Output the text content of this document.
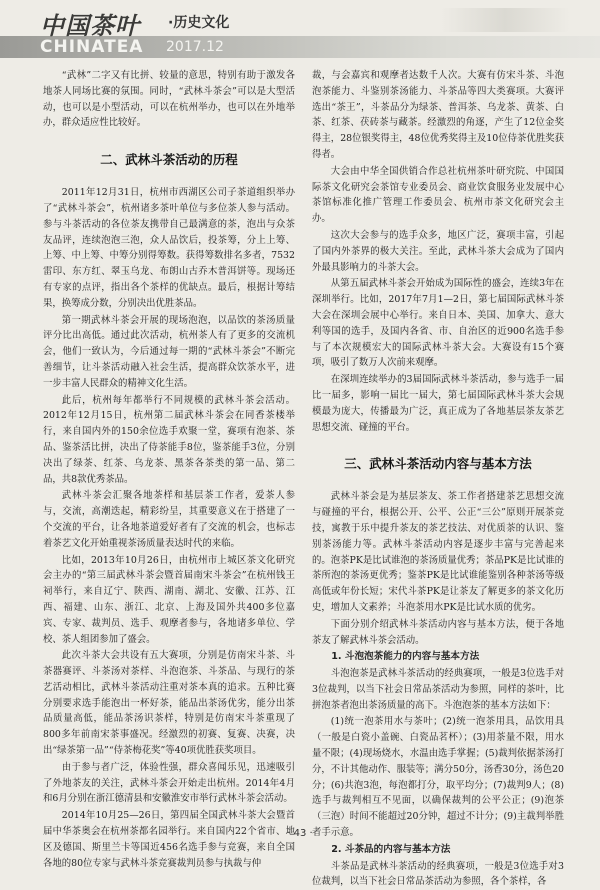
中国茶叶 ·历史文化
CHINATEA 2017.12

“武林”二字又有比拼、较量的意思，特别有助于激发各地茶人同场比赛的氛围。同时，“武林斗茶会”可以是大型活动，也可以是小型活动，可以在杭州举办，也可以在外地举办，群众适应性比较好。

二、武林斗茶活动的历程

2011年12月31日，杭州市西湖区公司子茶道组织举办了“武林斗茶会”，杭州诸多茶叶单位与多位茶人参与活动。参与斗茶活动的各位茶友携带自己最满意的茶，泡出与众茶友品评，连续泡泡三泡，众人品饮后，投茶筹，分上上筹、上筹、中上筹、中筹分别得筹数。获得筹数排名多者，7532雷印、东方红、翠玉乌龙、布朗山古乔木普洱饼等。现场还有专家的点评，指出各个茶样的优缺点。最后，根据计筹结果，换筹成分数，分别决出优胜茶品。

第一期武林斗茶会开展的现场泡泡，以品饮的茶汤质量评分比出高低。通过此次活动，杭州茶人有了更多的交流机会，他们一致认为，今后通过每一期的“武林斗茶会”不断完善细节，让斗茶活动融入社会生活，提高群众饮茶水平，进一步丰富人民群众的精神文化生活。

此后，杭州每年都举行不同规模的武林斗茶会活动。2012年12月15日，杭州第二届武林斗茶会在同香茶楼举行，来自国内外的150余位选手欢聚一堂，赛项有泡茶、茶品、鉴茶活比拼，决出了侍茶能手8位，鉴茶能手3位，分别决出了绿茶、红茶、乌龙茶、黑茶各茶类的第一品、第二品，共8款优秀茶品。

武林斗茶会汇聚各地茶样和基层茶工作者，爱茶人参与，交流，高潮迭起，精彩纷呈，其重要意义在于搭建了一个交流的平台，让各地茶道爱好者有了交流的机会，也标志着茶艺文化开始重视茶汤质量表达时代的来临。

比如，2013年10月26日，由杭州市上城区茶文化研究会主办的“第三届武林斗茶会暨首届南宋斗茶会”在杭州钱王祠举行，来自辽宁、陕西、湖南、湖北、安徽、江苏、江西、福建、山东、浙江、北京、上海及国外共400多位嘉宾、专家、裁判员、选手、观摩者参与，各地诸多单位、学校、茶人组团参加了盛会。

此次斗茶大会共设有五大赛项，分别是仿南宋斗茶、斗茶器赛评、斗茶汤对茶样、斗泡泡茶、斗茶品、与现行的茶艺活动相比，武林斗茶活动注重对茶本真的追求。五种比赛分别要求选手能泡出一杯好茶，能品出茶汤优劣，能分出茶品质量高低，能品茶汤识茶样，特别是仿南宋斗茶重现了800多年前南宋茶事盛况。经激烈的初赛、复赛、决赛，决出“绿茶第一品”“侍茶梅花奖”等40项优胜获奖项目。

由于参与者广泛，体验性强，群众喜闻乐见，迅速吸引了外地茶友的关注，武林斗茶会开始走出杭州。2014年4月和6月分别在浙江德清县和安徽淮安市举行武林斗茶会活动。

2014年10月25—26日，第四届全国武林斗茶大会暨首届中华茶奥会在杭州茶都名园举行。来自国内22个省市、地区及德国、斯里兰卡等国近456名选手参与竞赛，来自全国各地的80位专家与武林斗茶竞赛裁判员参与执裁与仲

裁，与会嘉宾和观摩者达数千人次。大赛有仿宋斗茶、斗泡泡茶能力、斗鉴别茶汤能力、斗茶品等四大类赛项。大赛评选出“茶王”，斗茶品分为绿茶、普洱茶、乌龙茶、黄茶、白茶、红茶、茯砖茶与藏茶。经激烈的角逐，产生了12位金奖得主，28位银奖得主，48位优秀奖得主及10位侍茶优胜奖获得者。

大会由中华全国供销合作总社杭州茶叶研究院、中国国际茶文化研究会茶馆专业委员会、商业饮食服务业发展中心茶馆标准化推广管理工作委员会、杭州市茶文化研究会主办。

这次大会参与的选手众多，地区广泛，赛项丰富，引起了国内外茶界的极大关注。至此，武林斗茶大会成为了国内外最具影响力的斗茶大会。

从第五届武林斗茶会开始成为国际性的盛会，连续3年在深圳举行。比如，2017年7月1—2日，第七届国际武林斗茶大会在深圳会展中心举行。来自日本、美国、加拿大、意大利等国的选手，及国内各省、市、自治区的近900名选手参与了本次规模宏大的国际武林斗茶大会。大赛设有15个赛项，吸引了数万人次前来观摩。

在深圳连续举办的3届国际武林斗茶活动，参与选手一届比一届多，影响一届比一届大，第七届国际武林斗茶大会规模最为庞大，传播最为广泛，真正成为了各地基层茶友茶艺思想交流、碰撞的平台。

三、武林斗茶活动内容与基本方法

武林斗茶会是为基层茶友、茶工作者搭建茶艺思想交流与碰撞的平台，根据公开、公平、公正“三公”原则开展茶竞技，寓教于乐中提升茶友的茶艺技法、对优质茶的认识、鉴别茶汤能力等。武林斗茶活动内容是逐步丰富与完善起来的。泡茶PK是比试谁泡的茶汤质量优秀；茶品PK是比试谁的茶所泡的茶汤更优秀；鉴茶PK是比试谁能鉴别各种茶汤等级高低或年份长短；宋代斗茶PK是让茶友了解更多的茶文化历史，增加人文素养；斗泡茶用水PK是比试水质的优劣。

下面分别介绍武林斗茶活动内容与基本方法，便于各地茶友了解武林斗茶会活动。

1. 斗泡泡茶能力的内容与基本方法

斗泡泡茶是武林斗茶活动的经典赛项，一般是3位选手对3位裁判，以当下社会日常品茶活动为参照，同样的茶叶，比拼泡茶者泡出茶汤质量的高下。斗泡泡茶的基本方法如下：

(1)统一泡茶用水与茶叶；(2)统一泡茶用具，品饮用具（一般是白瓷小盖碗、白瓷品茗杯）；(3)用茶量不限，用水量不限；(4)现场烧水，水温由选手掌握；(5)裁判依据茶汤打分，不计其他动作、服装等；满分50分，汤香30分，汤色20分；(6)共泡3泡，每泡都打分，取平均分；(7)裁判9人；(8)选手与裁判相互不见面，以确保裁判的公平公正；(9)泡茶（三泡）时间不能超过20分钟，超过不计分；(9)主裁判举胜者手示意。

2. 斗茶品的内容与基本方法

斗茶品是武林斗茶活动的经典赛项，一般是3位选手对3位裁判，以当下社会日常品茶活动为参照，各个茶样，各

· 43 ·
